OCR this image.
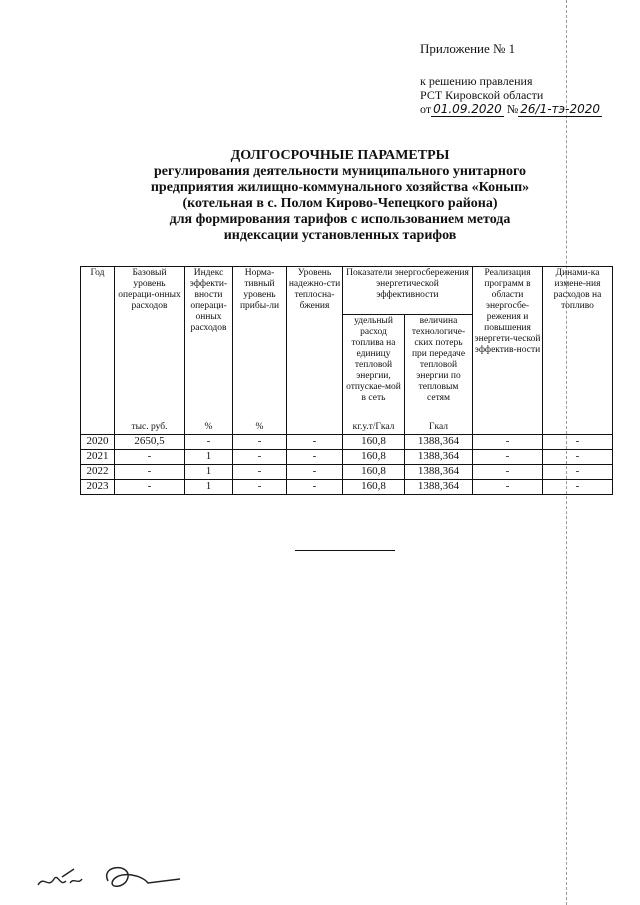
Приложение № 1
к решению правления
РСТ Кировской области
от 01.09.2020 № 26/1-тэ-2020
ДОЛГОСРОЧНЫЕ ПАРАМЕТРЫ
регулирования деятельности муниципального унитарного
предприятия жилищно-коммунального хозяйства «Конып»
(котельная в с. Полом Кирово-Чепецкого района)
для формирования тарифов с использованием метода
индексации установленных тарифов
Год	Базовый уровень операци-онных расходов	Индекс эффекти-вности операци-онных расходов	Норма-тивный уровень прибы-ли	Уровень надежно-сти теплосна-бжения	Показатели энергосбережения энергетической эффективности		Реализация программ в области энергосбе-режения и повышения энергети-ческой эффектив-ности	Динами-ка измене-ния расходов на топливо
					удельный расход топлива на единицу тепловой энергии, отпускае-мой в сеть	величина технологиче-ских потерь при передаче тепловой энергии по тепловым сетям		
	тыс. руб.	%	%		кг.у.т/Гкал	Гкал		
2020	2650,5	-	-	-	160,8	1388,364	-	-
2021	-	1	-	-	160,8	1388,364	-	-
2022	-	1	-	-	160,8	1388,364	-	-
2023	-	1	-	-	160,8	1388,364	-	-
